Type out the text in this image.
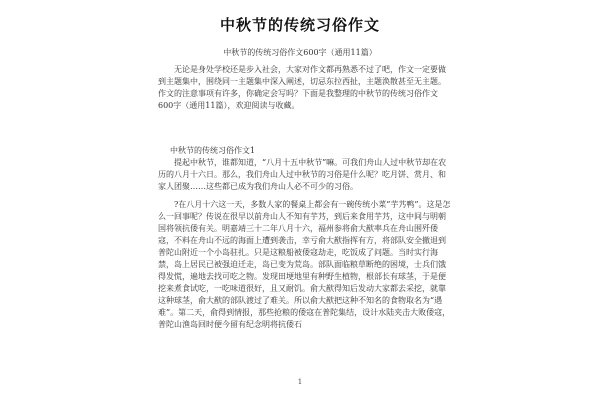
中秋节的传统习俗作文
中秋节的传统习俗作文600字（通用11篇）

无论是身处学校还是步入社会，大家对作文都再熟悉不过了吧，作文一定要做到主题集中，围绕同一主题集中深入阐述，切忌东拉西扯，主题涣散甚至无主题。作文的注意事项有许多，你确定会写吗？下面是我整理的中秋节的传统习俗作文600字（通用11篇），欢迎阅读与收藏。

中秋节的传统习俗作文1

提起中秋节，谁都知道，“八月十五中秋节”嘛。可我们舟山人过中秋节却在农历的八月十六日。那么，我们舟山人过中秋节的习俗是什么呢？吃月饼、赏月、和家人团聚……这些都已成为我们舟山人必不可少的习俗。

?在八月十六这一天，多数人家的餐桌上都会有一碗传统小菜“芋艿鸭”。这是怎么一回事呢？传说在很早以前舟山人不知有芋艿，到后来食用芋艿，这中间与明朝国将领抗倭有关。明嘉靖三十二年八月十六，福州参将俞大猷率兵在舟山围歼倭寇，不料在舟山不远的海面上遭到袭击，幸亏俞大猷指挥有方，将部队安全撤退到普陀山附近一个小岛驻扎。只是这粮船被倭寇劫走，吃饭成了问题。当时实行海禁，岛上居民已被强迫迁走，岛已变为荒岛。部队面临粮草断绝的困境，士兵们饿得发慌，遍地去找可吃之物。发现田埂地里有种野生植物，根部长有球茎，于是便挖来煮食试吃，一吃味道很好，且又耐饥。俞大猷得知后发动大家都去采挖，就靠这种球茎，俞大猷的部队渡过了难关。所以俞大猷把这种不知名的食物取名为“遇难”。第二天，俞得到情报，那些抢粮的倭寇在普陀集结，设计水陆夹击大败倭寇，普陀山渔岛回时便今留有纪念明将抗倭石

1
